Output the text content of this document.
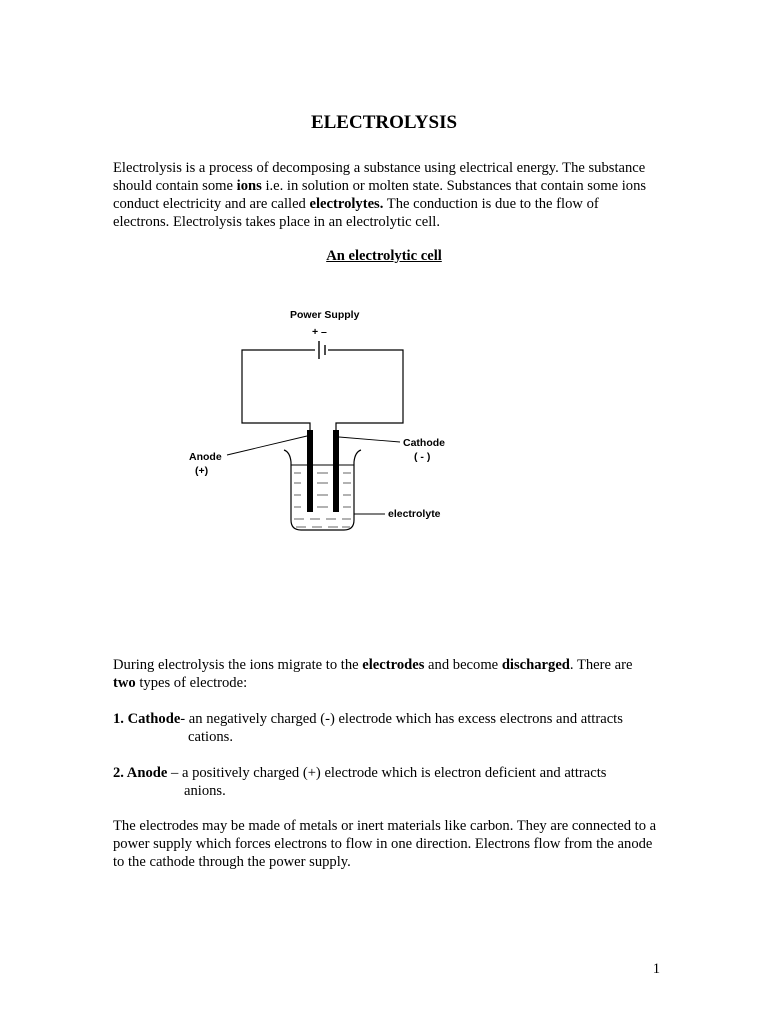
ELECTROLYSIS

Electrolysis is a process of decomposing a substance using electrical energy. The substance should contain some ions i.e. in solution or molten state. Substances that contain some ions conduct electricity and are called electrolytes. The conduction is due to the flow of electrons. Electrolysis takes place in an electrolytic cell.

An electrolytic cell
Power Supply
+ –
Anode
(+)
Cathode
( - )
electrolyte

During electrolysis the ions migrate to the electrodes and become discharged. There are two types of electrode:

1. Cathode- an negatively charged (-) electrode which has excess electrons and attracts
cations.
2. Anode – a positively charged (+) electrode which is electron deficient and attracts
anions.

The electrodes may be made of metals or inert materials like carbon. They are connected to a power supply which forces electrons to flow in one direction. Electrons flow from the anode to the cathode through the power supply.

1
